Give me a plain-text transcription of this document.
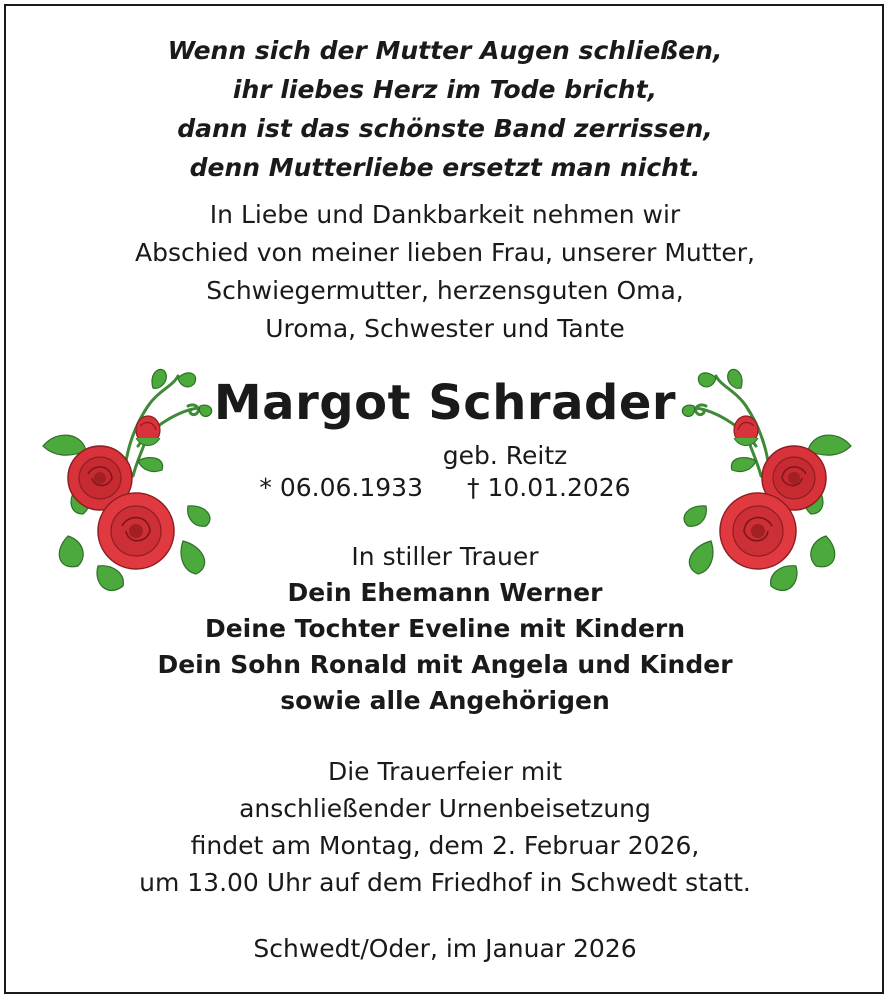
Wenn sich der Mutter Augen schließen,
ihr liebes Herz im Tode bricht,
dann ist das schönste Band zerrissen,
denn Mutterliebe ersetzt man nicht.
In Liebe und Dankbarkeit nehmen wir
Abschied von meiner lieben Frau, unserer Mutter,
Schwiegermutter, herzensguten Oma,
Uroma, Schwester und Tante
Margot Schrader
geb. Reitz
* 06.06.1933 † 10.01.2026
In stiller Trauer
Dein Ehemann Werner
Deine Tochter Eveline mit Kindern
Dein Sohn Ronald mit Angela und Kinder
sowie alle Angehörigen
Die Trauerfeier mit
anschließender Urnenbeisetzung
findet am Montag, dem 2. Februar 2026,
um 13.00 Uhr auf dem Friedhof in Schwedt statt.
Schwedt/Oder, im Januar 2026
